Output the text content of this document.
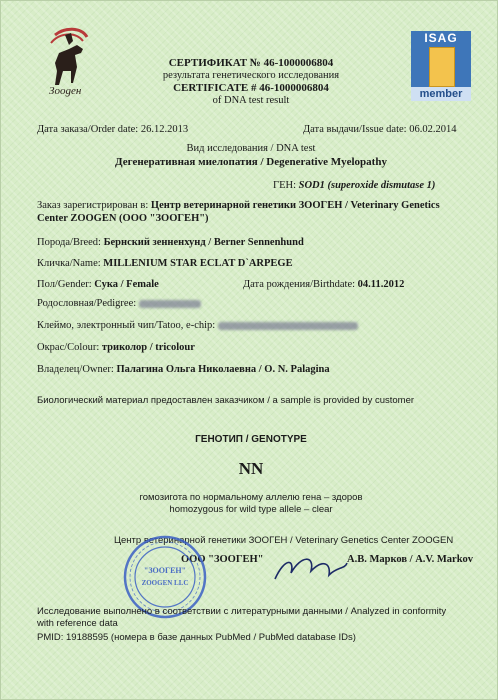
Зоogен
ISAG
member
СЕРТИФИКАТ № 46-1000006804
результата генетического исследования
CERTIFICATE # 46-1000006804
of DNA test result
Дата заказа/Order date: 26.12.2013	Дата выдачи/Issue date: 06.02.2014
Вид исследования / DNA test
Дегенеративная миелопатия / Degenerative Myelopathy
ГЕН: SOD1 (superoxide dismutase 1)
Заказ зарегистрирован в: Центр ветеринарной генетики ЗООГЕН / Veterinary Genetics
Center ZOOGEN (ООО "ЗООГЕН")
Порода/Breed: Бернский зенненхунд / Berner Sennenhund
Кличка/Name: MILLENIUM STAR ECLAT D`ARPEGE
Пол/Gender: Сука / Female	Дата рождения/Birthdate: 04.11.2012
Родословная/Pedigree:
Клеймо, электронный чип/Tatoo, e-chip:
Окрас/Colour: триколор / tricolour
Владелец/Owner: Палагина Ольга Николаевна / O. N. Palagina
Биологический материал предоставлен заказчиком / a sample is provided by customer
ГЕНОТИП / GENOTYPE
NN
гомозигота по нормальному аллелю гена – здоров
homozygous for wild type allele – clear
Центр ветеринарной генетики ЗООГЕН / Veterinary Genetics Center ZOOGEN
ООО "ЗООГЕН"	А.В. Марков / A.V. Markov
"ЗООГЕН"
ZOOGEN LLC
Исследование выполнено в соответствии с литературными данными / Analyzed in conformity
with reference data
PMID: 19188595 (номера в базе данных PubMed / PubMed database IDs)
